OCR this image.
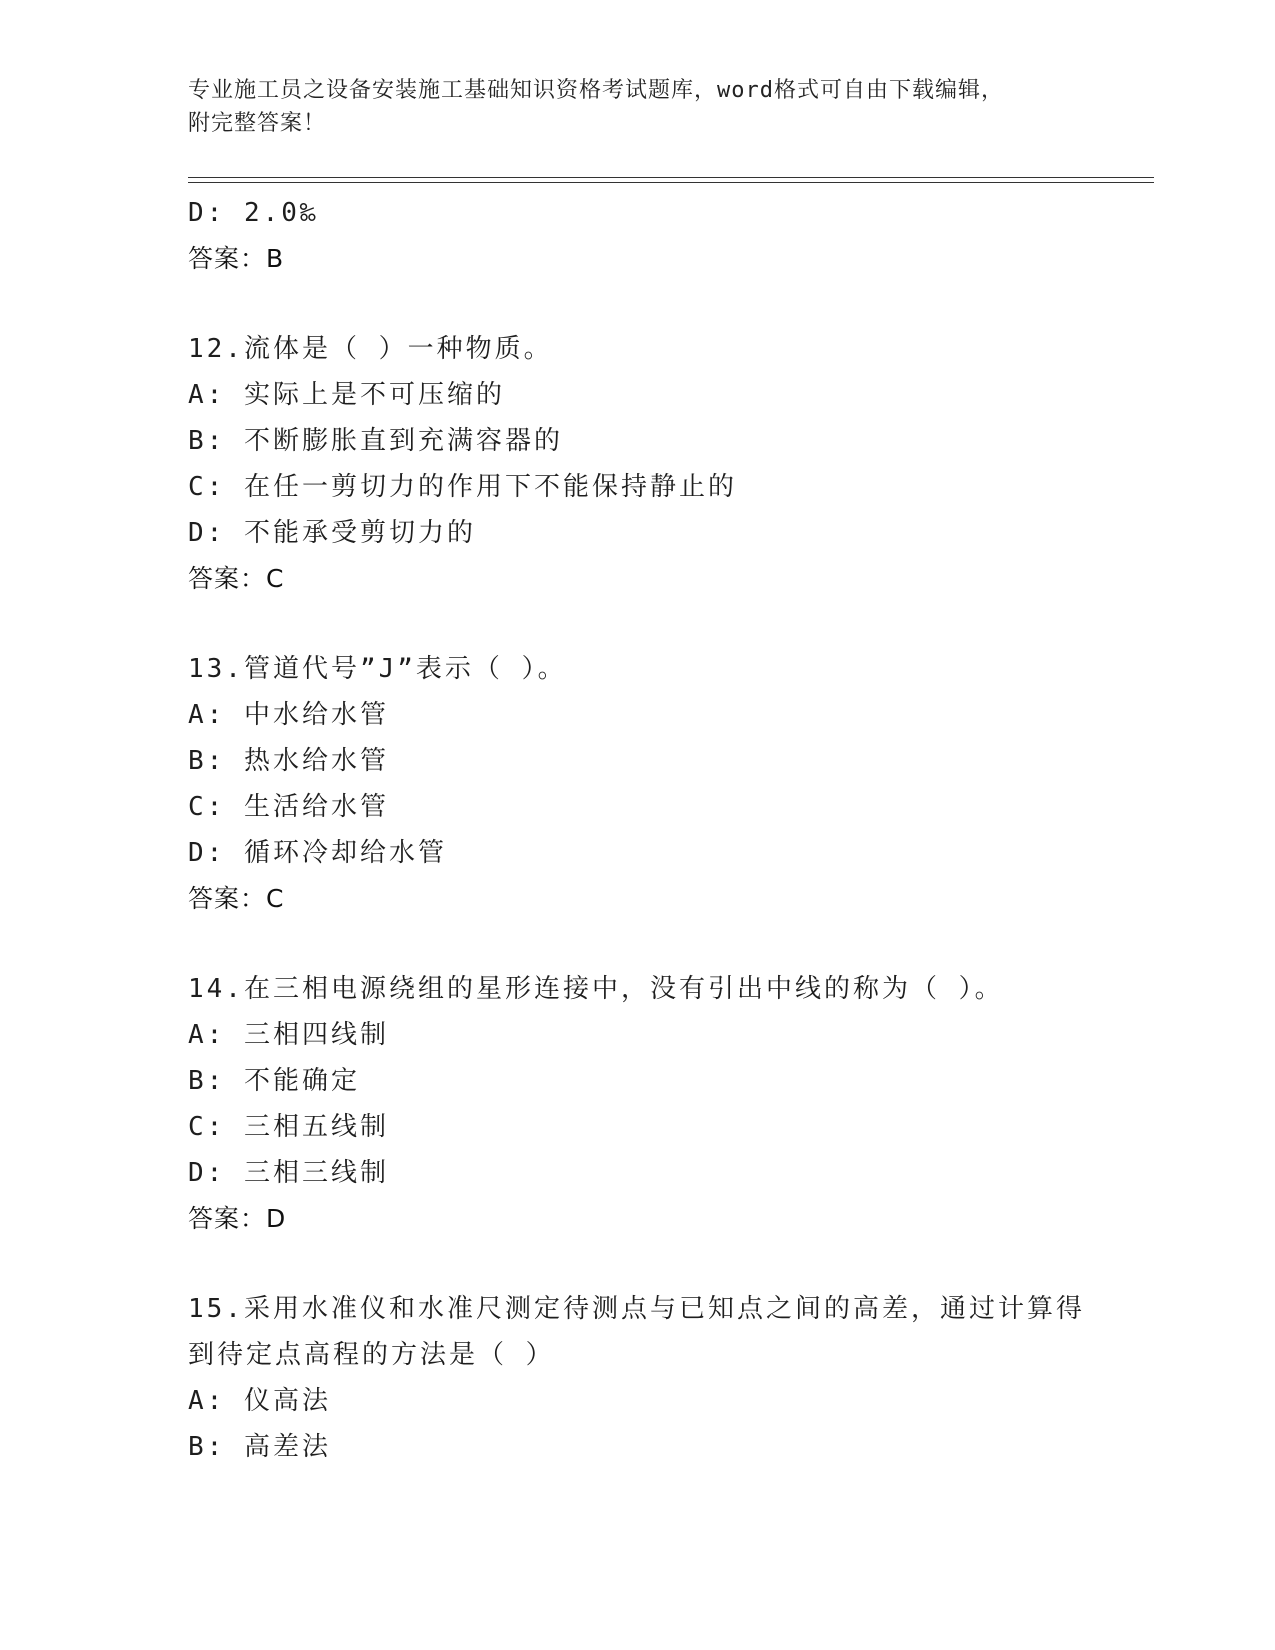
专业施工员之设备安装施工基础知识资格考试题库，word格式可自由下载编辑，
附完整答案！
D: 2.0‰
答案：B
12.流体是（ ）一种物质。
A: 实际上是不可压缩的
B: 不断膨胀直到充满容器的
C: 在任一剪切力的作用下不能保持静止的
D: 不能承受剪切力的
答案：C
13.管道代号”J”表示（ ）。
A: 中水给水管
B: 热水给水管
C: 生活给水管
D: 循环冷却给水管
答案：C
14.在三相电源绕组的星形连接中，没有引出中线的称为（ ）。
A: 三相四线制
B: 不能确定
C: 三相五线制
D: 三相三线制
答案：D
15.采用水准仪和水准尺测定待测点与已知点之间的高差，通过计算得
到待定点高程的方法是（ ）
A: 仪高法
B: 高差法
